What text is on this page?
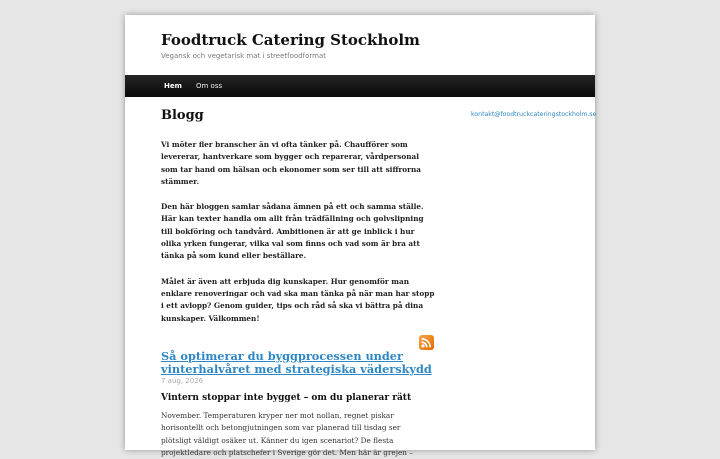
Foodtruck Catering Stockholm
Vegansk och vegetarisk mat i streetfoodformat
Hem Om oss
Blogg

Vi möter fler branscher än vi ofta tänker på. Chaufförer som levererar, hantverkare som bygger och reparerar, vårdpersonal som tar hand om hälsan och ekonomer som ser till att siffrorna stämmer.

Den här bloggen samlar sådana ämnen på ett och samma ställe. Här kan texter handla om allt från trädfällning och golvslipning till bokföring och tandvård. Ambitionen är att ge inblick i hur olika yrken fungerar, vilka val som finns och vad som är bra att tänka på som kund eller beställare.

Målet är även att erbjuda dig kunskaper. Hur genomför man enklare renoveringar och vad ska man tänka på när man har stopp i ett avlopp? Genom guider, tips och råd så ska vi bättra på dina kunskaper. Välkommen!

Så optimerar du byggprocessen under vinterhalvåret med strategiska väderskydd
7 aug, 2026
Vintern stoppar inte bygget – om du planerar rätt

November. Temperaturen kryper ner mot nollan, regnet piskar horisontellt och betongjutningen som var planerad till tisdag ser plötsligt väldigt osäker ut. Känner du igen scenariot? De flesta projektledare och platschefer i Sverige gör det. Men här är grejen –

kontakt@foodtruckcateringstockholm.se
